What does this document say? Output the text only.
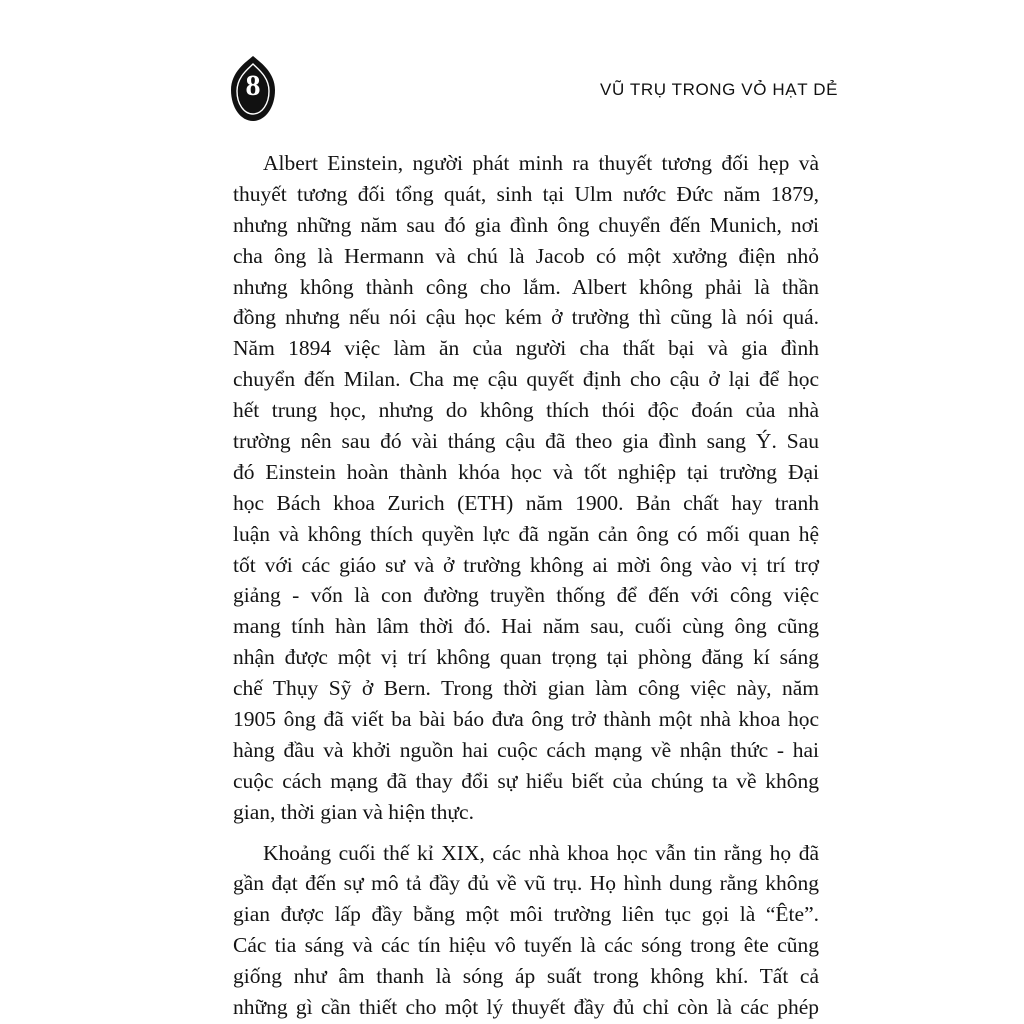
8	VŨ TRỤ TRONG VỎ HẠT DẺ
Albert Einstein, người phát minh ra thuyết tương đối hẹp và
thuyết tương đối tổng quát, sinh tại Ulm nước Đức năm 1879,
nhưng những năm sau đó gia đình ông chuyển đến Munich, nơi
cha ông là Hermann và chú là Jacob có một xưởng điện nhỏ
nhưng không thành công cho lắm. Albert không phải là thần
đồng nhưng nếu nói cậu học kém ở trường thì cũng là nói quá.
Năm 1894 việc làm ăn của người cha thất bại và gia đình
chuyển đến Milan. Cha mẹ cậu quyết định cho cậu ở lại để học
hết trung học, nhưng do không thích thói độc đoán của nhà
trường nên sau đó vài tháng cậu đã theo gia đình sang Ý. Sau
đó Einstein hoàn thành khóa học và tốt nghiệp tại trường Đại
học Bách khoa Zurich (ETH) năm 1900. Bản chất hay tranh
luận và không thích quyền lực đã ngăn cản ông có mối quan hệ
tốt với các giáo sư và ở trường không ai mời ông vào vị trí trợ
giảng - vốn là con đường truyền thống để đến với công việc
mang tính hàn lâm thời đó. Hai năm sau, cuối cùng ông cũng
nhận được một vị trí không quan trọng tại phòng đăng kí sáng
chế Thụy Sỹ ở Bern. Trong thời gian làm công việc này, năm
1905 ông đã viết ba bài báo đưa ông trở thành một nhà khoa học
hàng đầu và khởi nguồn hai cuộc cách mạng về nhận thức - hai
cuộc cách mạng đã thay đổi sự hiểu biết của chúng ta về không
gian, thời gian và hiện thực.
Khoảng cuối thế kỉ XIX, các nhà khoa học vẫn tin rằng họ đã
gần đạt đến sự mô tả đầy đủ về vũ trụ. Họ hình dung rằng không
gian được lấp đầy bằng một môi trường liên tục gọi là “Ête”.
Các tia sáng và các tín hiệu vô tuyến là các sóng trong ête cũng
giống như âm thanh là sóng áp suất trong không khí. Tất cả
những gì cần thiết cho một lý thuyết đầy đủ chỉ còn là các phép
